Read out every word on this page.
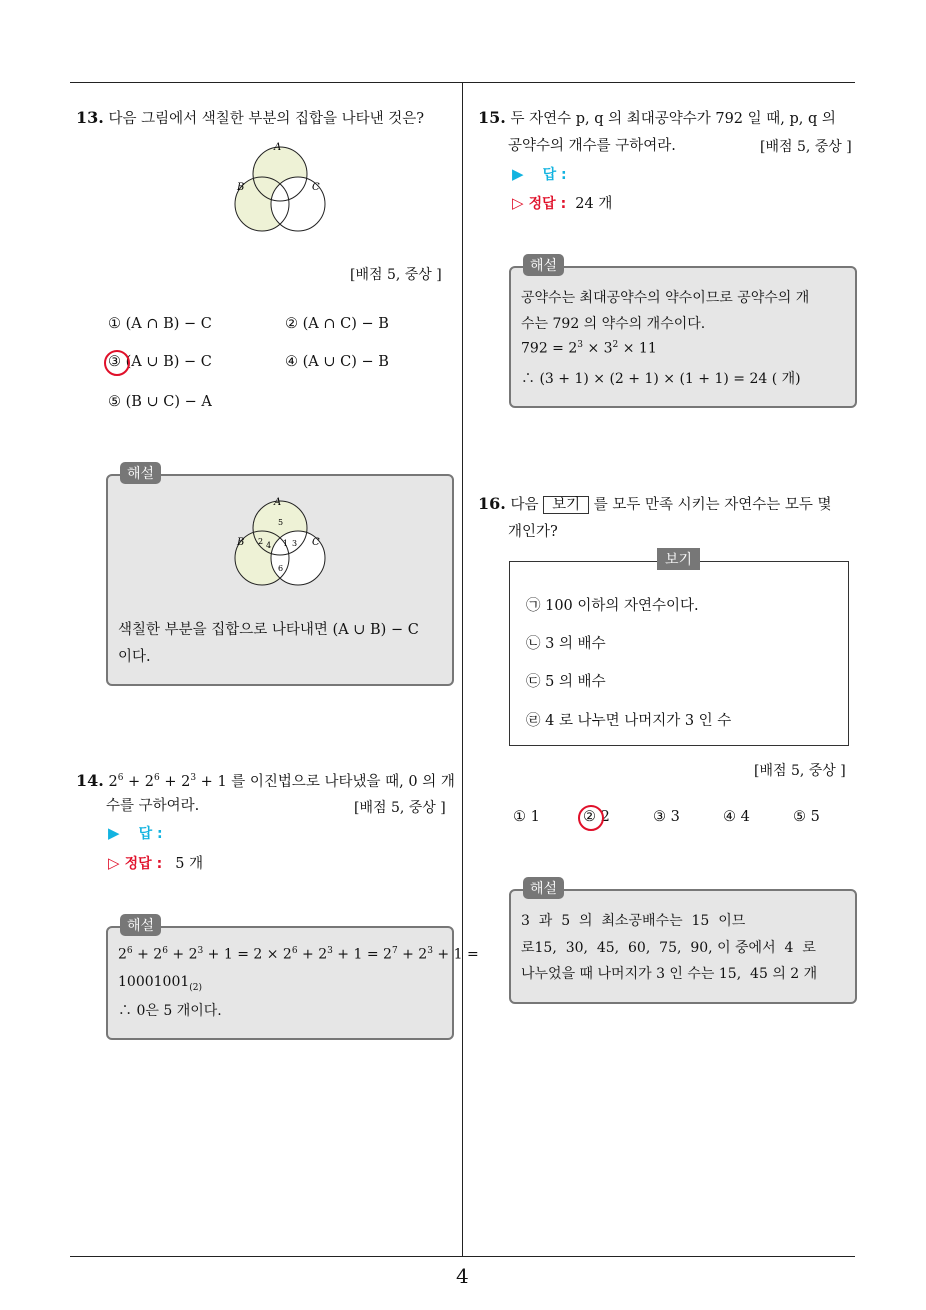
4
13. 다음 그림에서 색칠한 부분의 집합을 나타낸 것은?
A
B	C
[배점 5, 중상 ]
① (A ∩ B) − C	② (A ∩ C) − B
③ (A ∪ B) − C	④ (A ∪ C) − B
⑤ (B ∪ C) − A
해설
A
B	C
5
2 4 1 3
6
색칠한 부분을 집합으로 나타내면 (A ∪ B) − C
이다.
14. $2^6 + 2^6 + 2^3 + 1$ 를 이진법으로 나타냈을 때, 0 의 개
수를 구하여라.	[배점 5, 중상 ]
▶ 답 :
▷ 정답 : 5 개
해설
$2^6 + 2^6 + 2^3 + 1 = 2 \times 2^6 + 2^3 + 1 = 2^7 + 2^3 + 1$ =
$10001001_{(2)}$
∴ 0은 5 개이다.
15. 두 자연수 p, q 의 최대공약수가 792 일 때, p, q 의
공약수의 개수를 구하여라.	[배점 5, 중상 ]
▶ 답 :
▷ 정답 : 24 개
해설
공약수는 최대공약수의 약수이므로 공약수의 개
수는 792 의 약수의 개수이다.
$792 = 2^3 \times 3^2 \times 11$
∴ (3 + 1) × (2 + 1) × (1 + 1) = 24 ( 개)
16. 다음 보기 를 모두 만족 시키는 자연수는 모두 몇
개인가?
보기
㉠ 100 이하의 자연수이다.
㉡ 3 의 배수
㉢ 5 의 배수
㉣ 4 로 나누면 나머지가 3 인 수
[배점 5, 중상 ]
① 1	② 2	③ 3	④ 4	⑤ 5
해설
3  과  5  의  최소공배수는  15  이므
로15,  30,  45,  60,  75,  90, 이 중에서  4  로
나누었을 때 나머지가 3 인 수는 15,  45 의 2 개
